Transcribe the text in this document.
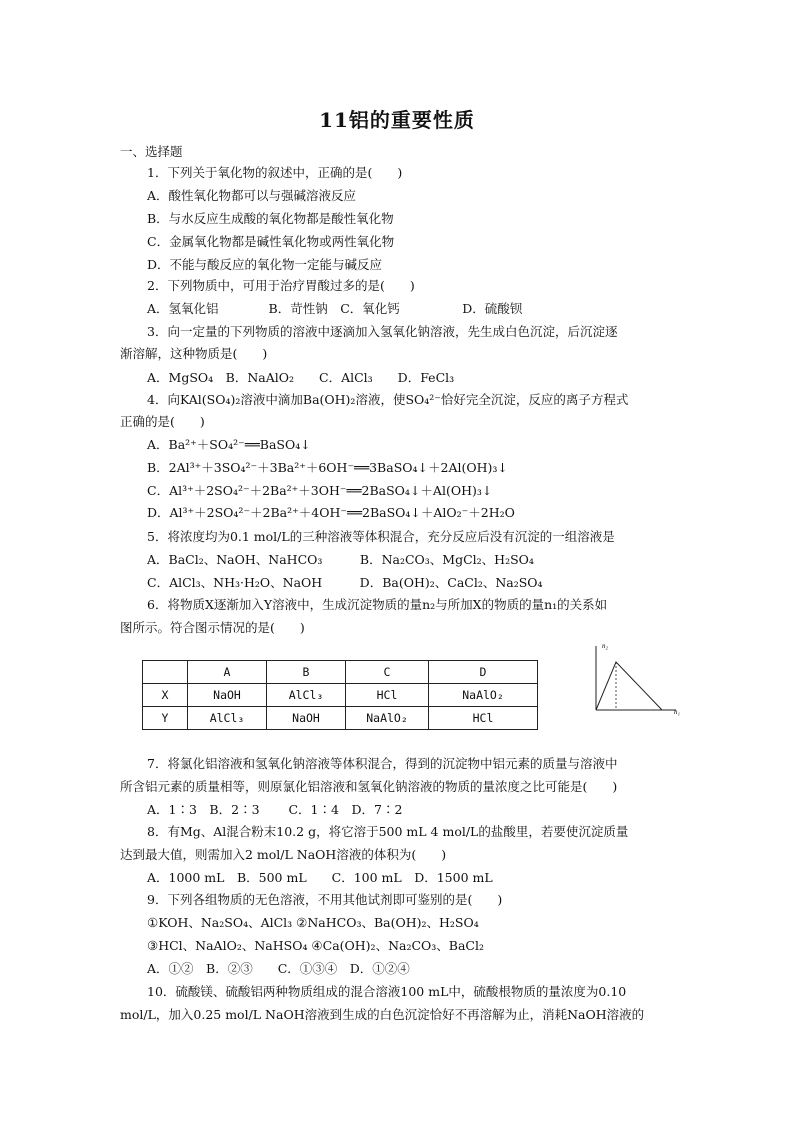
11铝的重要性质
一、选择题
1．下列关于氧化物的叙述中，正确的是(　　)
A．酸性氧化物都可以与强碱溶液反应
B．与水反应生成酸的氧化物都是酸性氧化物
C．金属氧化物都是碱性氧化物或两性氧化物
D．不能与酸反应的氧化物一定能与碱反应
2．下列物质中，可用于治疗胃酸过多的是(　　)
A．氢氧化铝　　　　B．苛性钠　C．氧化钙　　　　　D．硫酸钡
3．向一定量的下列物质的溶液中逐滴加入氢氧化钠溶液，先生成白色沉淀，后沉淀逐
渐溶解，这种物质是(　　)
A．MgSO₄　B．NaAlO₂　　C．AlCl₃　　D．FeCl₃
4．向KAl(SO₄)₂溶液中滴加Ba(OH)₂溶液，使SO₄²⁻恰好完全沉淀，反应的离子方程式
正确的是(　　)
A．Ba²⁺＋SO₄²⁻══BaSO₄↓
B．2Al³⁺＋3SO₄²⁻＋3Ba²⁺＋6OH⁻══3BaSO₄↓＋2Al(OH)₃↓
C．Al³⁺＋2SO₄²⁻＋2Ba²⁺＋3OH⁻══2BaSO₄↓＋Al(OH)₃↓
D．Al³⁺＋2SO₄²⁻＋2Ba²⁺＋4OH⁻══2BaSO₄↓＋AlO₂⁻＋2H₂O
5．将浓度均为0.1 mol/L的三种溶液等体积混合，充分反应后没有沉淀的一组溶液是
A．BaCl₂、NaOH、NaHCO₃　　　B．Na₂CO₃、MgCl₂、H₂SO₄
C．AlCl₃、NH₃·H₂O、NaOH　　　D．Ba(OH)₂、CaCl₂、Na₂SO₄
6．将物质X逐渐加入Y溶液中，生成沉淀物质的量n₂与所加X的物质的量n₁的关系如
图所示。符合图示情况的是(　　)
	A	B	C	D
X	NaOH	AlCl₃	HCl	NaAlO₂
Y	AlCl₃	NaOH	NaAlO₂	HCl
n₂
n₁
7．将氯化铝溶液和氢氧化钠溶液等体积混合，得到的沉淀物中铝元素的质量与溶液中
所含铝元素的质量相等，则原氯化铝溶液和氢氧化钠溶液的物质的量浓度之比可能是(　　)
A．1∶3　B．2∶3　　 C．1∶4　D．7∶2
8．有Mg、Al混合粉末10.2 g，将它溶于500 mL 4 mol/L的盐酸里，若要使沉淀质量
达到最大值，则需加入2 mol/L NaOH溶液的体积为(　　)
A．1000 mL　B．500 mL　　C．100 mL　D．1500 mL
9．下列各组物质的无色溶液，不用其他试剂即可鉴别的是(　　)
①KOH、Na₂SO₄、AlCl₃ ②NaHCO₃、Ba(OH)₂、H₂SO₄
③HCl、NaAlO₂、NaHSO₄ ④Ca(OH)₂、Na₂CO₃、BaCl₂
A．①②　B．②③　　C．①③④　D．①②④
10．硫酸镁、硫酸铝两种物质组成的混合溶液100 mL中，硫酸根物质的量浓度为0.10
mol/L，加入0.25 mol/L NaOH溶液到生成的白色沉淀恰好不再溶解为止，消耗NaOH溶液的
